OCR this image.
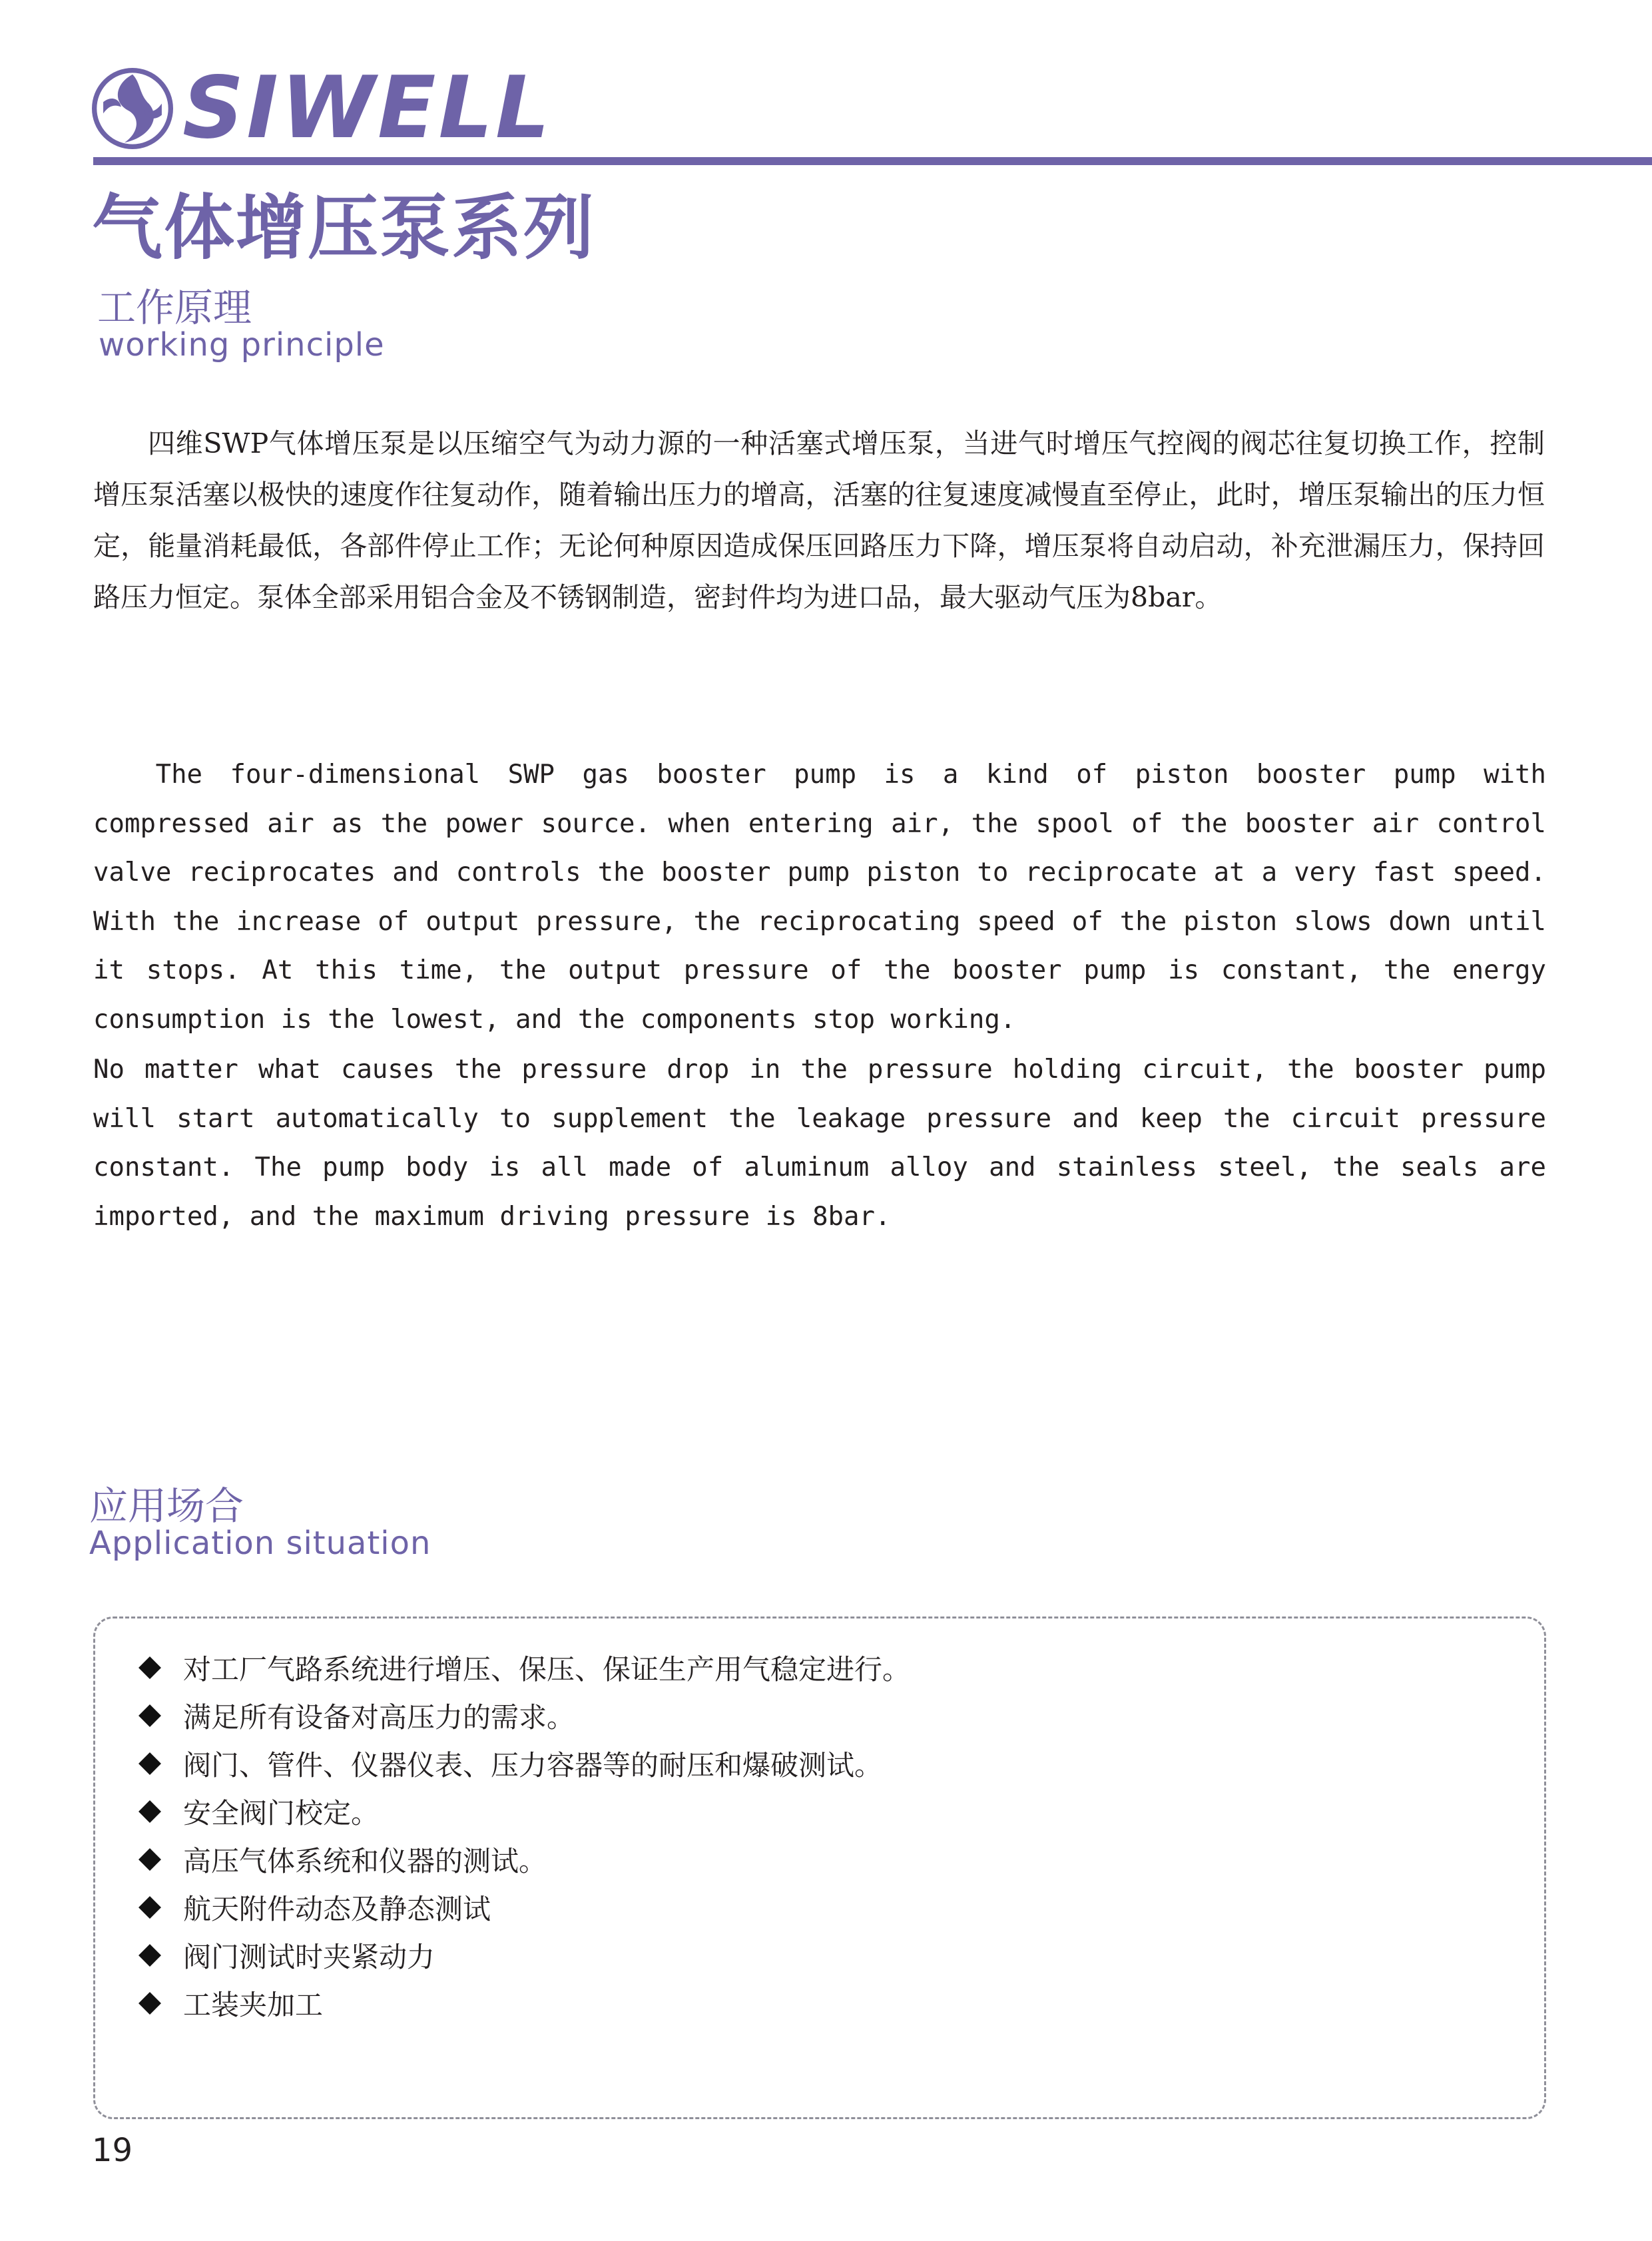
SIWELL
气体增压泵系列
工作原理
working principle

四维SWP气体增压泵是以压缩空气为动力源的一种活塞式增压泵，当进气时增压气控阀的阀芯往复切换工作，控制增压泵活塞以极快的速度作往复动作，随着输出压力的增高，活塞的往复速度减慢直至停止，此时，增压泵输出的压力恒定，能量消耗最低，各部件停止工作；无论何种原因造成保压回路压力下降，增压泵将自动启动，补充泄漏压力，保持回路压力恒定。泵体全部采用铝合金及不锈钢制造，密封件均为进口品，最大驱动气压为8bar。

The four-dimensional SWP gas booster pump is a kind of piston booster pump with compressed air as the power source. when entering air, the spool of the booster air control valve reciprocates and controls the booster pump piston to reciprocate at a very fast speed. With the increase of output pressure, the reciprocating speed of the piston slows down until it stops. At this time, the output pressure of the booster pump is constant, the energy consumption is the lowest, and the components stop working.

No matter what causes the pressure drop in the pressure holding circuit, the booster pump will start automatically to supplement the leakage pressure and keep the circuit pressure constant. The pump body is all made of aluminum alloy and stainless steel, the seals are imported, and the maximum driving pressure is 8bar.

应用场合
Application situation
对工厂气路系统进行增压、保压、保证生产用气稳定进行。
满足所有设备对高压力的需求。
阀门、管件、仪器仪表、压力容器等的耐压和爆破测试。
安全阀门校定。
高压气体系统和仪器的测试。
航天附件动态及静态测试
阀门测试时夹紧动力
工装夹加工
19
